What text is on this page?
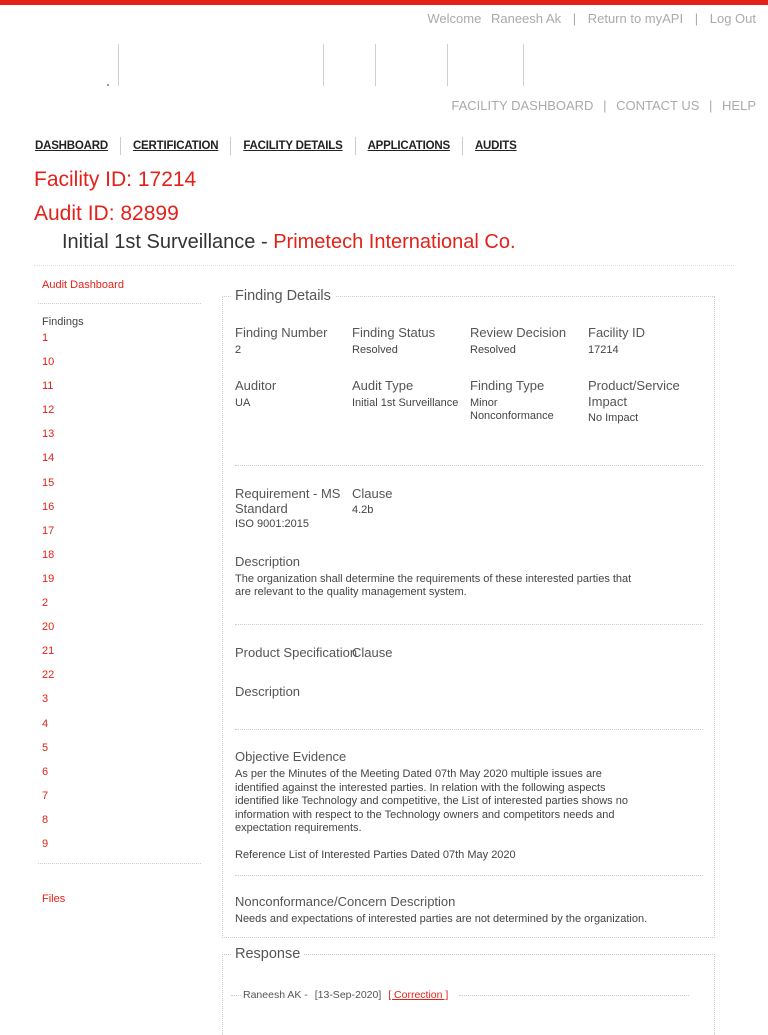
Welcome Raneesh Ak | Return to myAPI | Log Out
FACILITY DASHBOARD | CONTACT US | HELP
DASHBOARD CERTIFICATION FACILITY DETAILS APPLICATIONS AUDITS
Facility ID: 17214
Audit ID: 82899
Initial 1st Surveillance - Primetech International Co.
Audit Dashboard
Findings
1
10
11
12
13
14
15
16
17
18
19
2
20
21
22
3
4
5
6
7
8
9
Files
Finding Details
Finding Number
2
Finding Status
Resolved
Review Decision
Resolved
Facility ID
17214
Auditor
UA
Audit Type
Initial 1st Surveillance
Finding Type
Minor
Nonconformance
Product/Service
Impact
No Impact
Requirement - MS
Standard
ISO 9001:2015
Clause
4.2b
Description
The organization shall determine the requirements of these interested parties that
are relevant to the quality management system.
Product Specification
Clause
Description
Objective Evidence
As per the Minutes of the Meeting Dated 07th May 2020 multiple issues are
identified against the interested parties. In relation with the following aspects
identified like Technology and competitive, the List of interested parties shows no
information with respect to the Technology owners and competitors needs and
expectation requirements.
Reference List of Interested Parties Dated 07th May 2020
Nonconformance/Concern Description
Needs and expectations of interested parties are not determined by the organization.
Response
Raneesh AK - [13-Sep-2020] [ Correction ]
